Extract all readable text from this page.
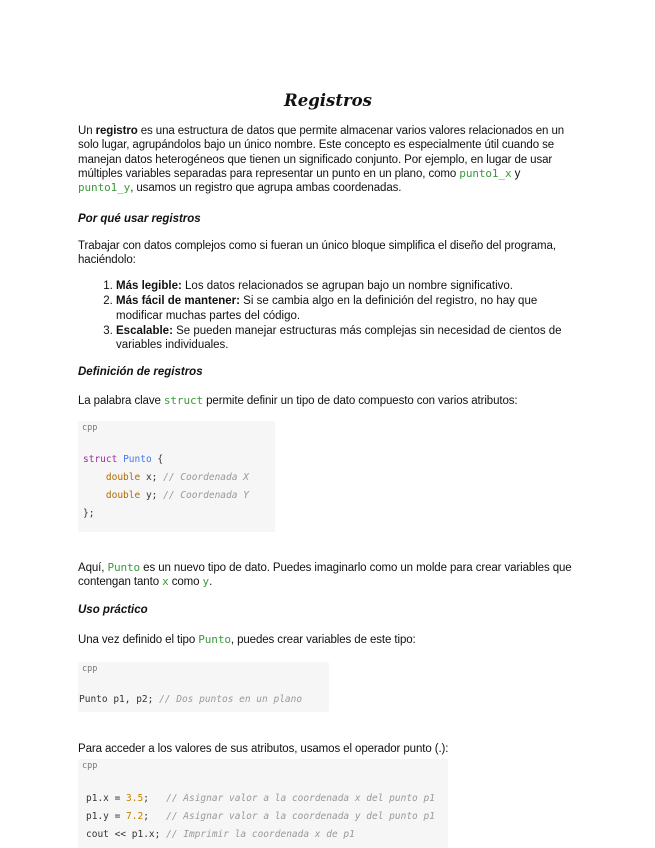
Registros

Un registro es una estructura de datos que permite almacenar varios valores relacionados en un solo lugar, agrupándolos bajo un único nombre. Este concepto es especialmente útil cuando se manejan datos heterogéneos que tienen un significado conjunto. Por ejemplo, en lugar de usar múltiples variables separadas para representar un punto en un plano, como punto1_x y punto1_y, usamos un registro que agrupa ambas coordenadas.

Por qué usar registros

Trabajar con datos complejos como si fueran un único bloque simplifica el diseño del programa, haciéndolo:

1. Más legible: Los datos relacionados se agrupan bajo un nombre significativo.
2. Más fácil de mantener: Si se cambia algo en la definición del registro, no hay que modificar muchas partes del código.
3. Escalable: Se pueden manejar estructuras más complejas sin necesidad de cientos de variables individuales.
Definición de registros

La palabra clave struct permite definir un tipo de dato compuesto con varios atributos:

cpp
struct Punto {
double x; // Coordenada X
double y; // Coordenada Y
};

Aquí, Punto es un nuevo tipo de dato. Puedes imaginarlo como un molde para crear variables que contengan tanto x como y.

Uso práctico

Una vez definido el tipo Punto, puedes crear variables de este tipo:

cpp
Punto p1, p2; // Dos puntos en un plano

Para acceder a los valores de sus atributos, usamos el operador punto (.):

cpp
p1.x = 3.5;   // Asignar valor a la coordenada x del punto p1
p1.y = 7.2;   // Asignar valor a la coordenada y del punto p1
cout << p1.x; // Imprimir la coordenada x de p1
